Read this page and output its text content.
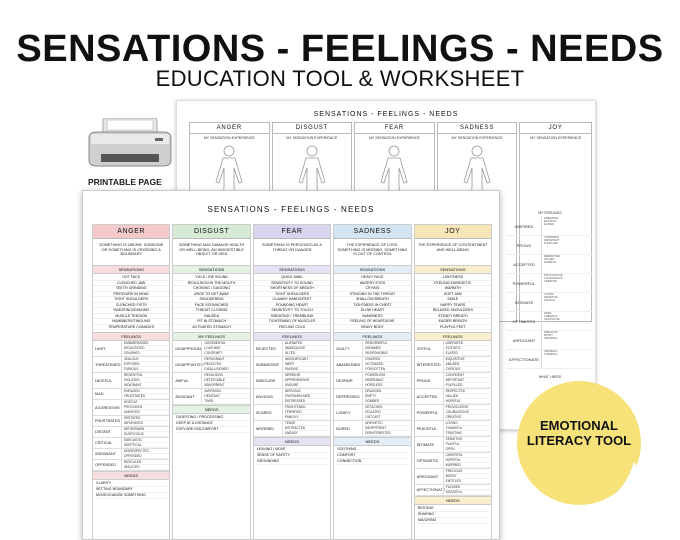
SENSATIONS - FEELINGS - NEEDS
EDUCATION TOOL & WORKSHEET
PRINTABLE PAGE
SENSATIONS - FEELINGS - NEEDS
ANGER
MY SENSATION EXPERIENCE
DISGUST
MY SENSATION EXPERIENCE
FEAR
MY SENSATION EXPERIENCE
SADNESS
MY SENSATION EXPERIENCE
JOY
MY SENSATION EXPERIENCE
MY FEELINGS
INSPIRED
LIBERATED
ECSTATIC
ELATED
PROUD
CONFIDENT
IMPORTANT
FULFILLED
ACCEPTED
RESPECTED
VALUED
HOPEFUL
POWERFUL
PROVOCATIVE
COURAGEOUS
CREATIVE
INTIMATE
LOVING
SENSITIVE
PLAYFUL
OPTIMISTIC
OPEN
CHEERFUL
INQUISITIVE
ARROGANT
PRECIOUS
BOSSY
GRATEFUL
AFFECTIONATE
GRATEFUL
THANKFUL
WHAT I NEED
SENSATIONS - FEELINGS - NEEDS
ANGER
SOMETHING IS UNFAIR. SOMEONE OR SOMETHING IS CROSSING A BOUNDARY
SENSATIONS
HOT FACE
CLENCHED JAW
TEETH GRINDING
PRESSURE IN HEAD
TIGHT SHOULDERS
CLENCHED FISTS
SWEATING/SHAKING
MUSCLE TENSION
NUMBNESS/TINGLING
TEMPERATURE CHANGES
FEELINGS
HURT
EMBARRASSED
DEVASTATED
CRUSHED
THREATENED
JEALOUS
EXPOSED
FURIOUS
HATEFUL
RESENTFUL
VIOLATED
INDIGNANT
MAD
ENRAGED
FRUSTRATED
AGGRESSIVE
HOSTILE
PROVOKED
ANNOYED
FRUSTRATED
IRRITATED
INFURIATED
DISTANT
WITHDRAWN
SUSPICIOUS
CRITICAL
SARCASTIC
SKEPTICAL
INDIGNANT
DISRESPECTED
OFFENDED
OFFENDED
RIDICULED
INSULTED
NEEDS
CLARITY
SETTING BOUNDARY
MOVE/CHANGE SOMETHING
DISGUST
SOMETHING MAY DAMAGE HEALTH OR WELL-BEING. AN INDIGESTIBLE OBJECT OR IDEA
SENSATIONS
YUCK / EW SOUND
REVULSION IN THE MOUTH
CHOKING / GAGGING
URGE TO GET AWAY
SHUDDERING
FACE SCRUNCHED
THROAT CLOSING
NAUSEA
PIT IN STOMACH
ACTIVATED STOMACH
MY FEELINGS
DISAPPROVAL
JUDGMENTAL
LOATHING
CONTEMPT
DISAPPOINTED
REPUGNANT
REVOLTED
DISILLUSIONED
AWFUL
REVULSION
DETESTABLE
ABHORRENT
AVOIDANT
AVERSION
HESITANT
TIMID
NEEDS
DIGESTING / PROCESSING
KEEP AT A DISTANCE
EXPLORE DISCOMFORT
FEAR
SOMETHING IS PERCEIVED AS A THREAT OR DANGER
SENSATIONS
QUICK MIND
SENSITIVITY TO SOUND
SHORTNESS OF BREATH
TIGHT SHOULDERS
CLAMMY HANDS/FEET
POUNDING HEART
SENSITIVITY TO TOUCH
SWEATING / TREMBLING
TIGHTENING OF MUSCLES
FEELING COLD
FEELINGS
REJECTED
ALIENATED
INADEQUATE
JILTED
SUBMISSIVE
INSIGNIFICANT
INERT
PASSIVE
INSECURE
INFERIOR
APPREHENSIVE
UNSURE
ANXIOUS
NERVOUS
OVERWHELMED
DISTRESSED
SCARED
FRIGHTENED
TERRIFIED
PANICKY
WORRIED
TENSE
DISTRACTED
UNEASY
NEEDS
LEAVING / MOVE
SENSE OF SAFETY
GROUNDING
SADNESS
THE EXPERIENCE OF LOSS. SOMETHING IS MISSING. SOMETHING IS OUT OF CONTROL
SENSATIONS
HEAVY FACE
WATERY EYES
CRYING
STINGING IN THE THROAT
SHALLOW BREATH
TIGHTNESS IN CHEST
SLOW HEART
NUMBNESS
FEELING OF HEARTACHE
HEAVY BODY
FEELINGS
GUILTY
REMORSEFUL
ASHAMED
RESPONSIBLE
ABANDONED
IGNORED
VICTIMIZED
FORGOTTEN
DESPAIR
POWERLESS
MISERABLE
HOPELESS
DEPRESSED
DRAGGED
EMPTY
SOMBER
LONELY
DETACHED
ISOLATED
OUTCAST
BORED
APATHETIC
INDIFFERENT
DISINTERESTED
NEEDS
SOOTHING
COMFORT
CONNECTION
JOY
THE EXPERIENCE OF CONTENTMENT AND WELL-BEING
SENSATIONS
LIGHTNESS
FEELING ENERGETIC
WARMTH
SOFT JAW
SMILE
HAPPY TEARS
RELAXED SHOULDERS
STEADY BREATH
EASIER BREATH
PLAYFUL FEET
FEELINGS
JOYFUL
LIBERATED
ECSTATIC
ELATED
INTERESTED
INQUISITIVE
AMUSED
CURIOUS
PROUD
CONFIDENT
IMPORTANT
FULFILLED
ACCEPTED
RESPECTED
VALUED
HOPEFUL
POWERFUL
PROVOCATIVE
COURAGEOUS
CREATIVE
PEACEFUL
LOVING
THANKFUL
TRUSTING
INTIMATE
SENSITIVE
PLAYFUL
OPEN
OPTIMISTIC
CHEERFUL
HOPEFUL
INSPIRED
ARROGANT
PRECIOUS
BOSSY
ENTITLED
AFFECTIONATE
PLEASED
GRATEFUL
NEEDS
RESTING
SHARING
SAVORING
EMOTIONAL LITERACY TOOL
